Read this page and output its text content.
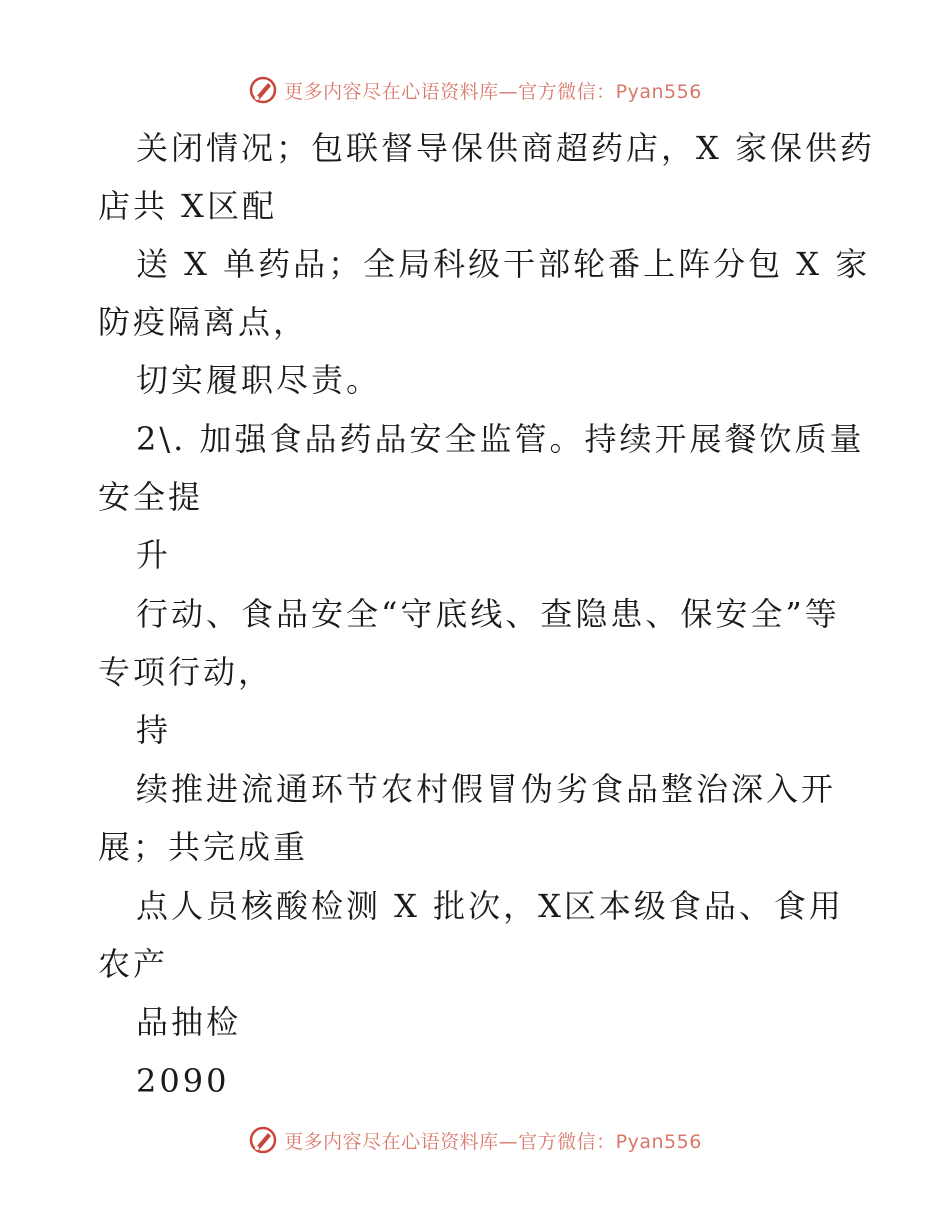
更多内容尽在心语资料库—官方微信：Pyan556
关闭情况；包联督导保供商超药店，X 家保供药
店共 X区配
送 X 单药品；全局科级干部轮番上阵分包 X 家
防疫隔离点，
切实履职尽责。
2\. 加强食品药品安全监管。持续开展餐饮质量
安全提
升
行动、食品安全“守底线、查隐患、保安全”等
专项行动，
持
续推进流通环节农村假冒伪劣食品整治深入开
展；共完成重
点人员核酸检测 X 批次，X区本级食品、食用
农产
品抽检
2090
更多内容尽在心语资料库—官方微信：Pyan556
